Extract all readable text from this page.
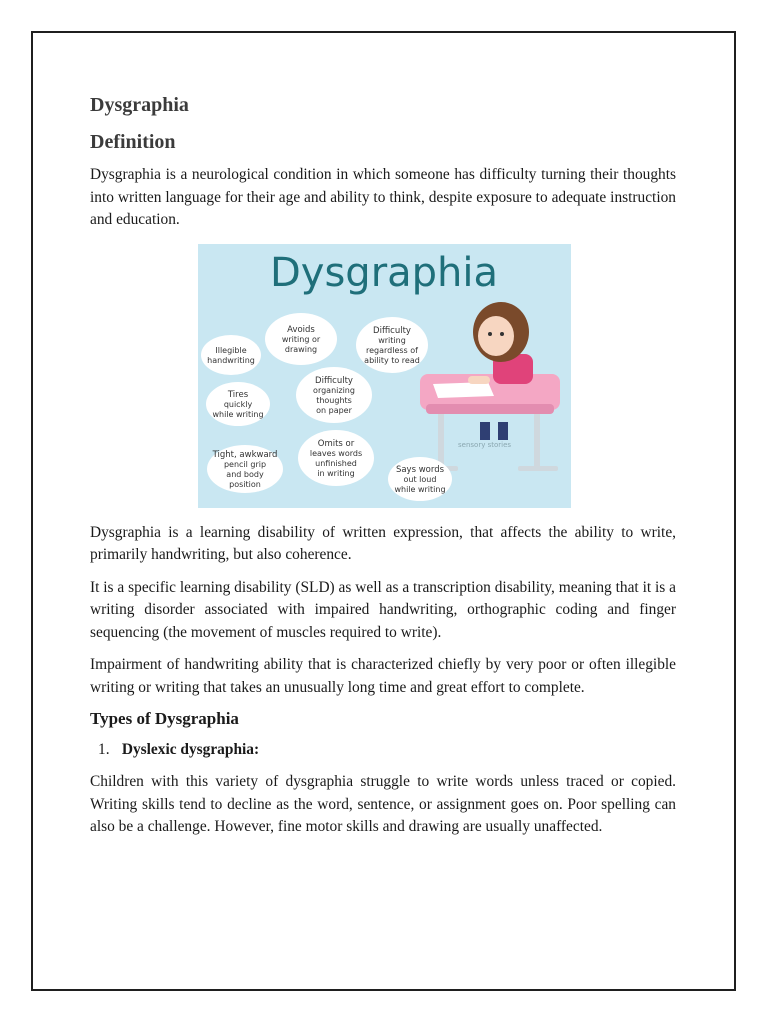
Dysgraphia
Definition

Dysgraphia is a neurological condition in which someone has difficulty turning their thoughts into written language for their age and ability to think, despite exposure to adequate instruction and education.

Dysgraphia
Avoids
writing or
drawing
Difficulty
writing
regardless of
ability to read
Illegible
handwriting
Difficulty
organizing
thoughts
on paper
Tires
quickly
while writing
Omits or
leaves words
unfinished
in writing
Tight, awkward
pencil grip
and body
position
Says words
out loud
while writing
sensory stories

Dysgraphia is a learning disability of written expression, that affects the ability to write, primarily handwriting, but also coherence.

It is a specific learning disability (SLD) as well as a transcription disability, meaning that it is a writing disorder associated with impaired handwriting, orthographic coding and finger sequencing (the movement of muscles required to write).

Impairment of handwriting ability that is characterized chiefly by very poor or often illegible writing or writing that takes an unusually long time and great effort to complete.

Types of Dysgraphia
1. Dyslexic dysgraphia:

Children with this variety of dysgraphia struggle to write words unless traced or copied. Writing skills tend to decline as the word, sentence, or assignment goes on. Poor spelling can also be a challenge. However, fine motor skills and drawing are usually unaffected.
